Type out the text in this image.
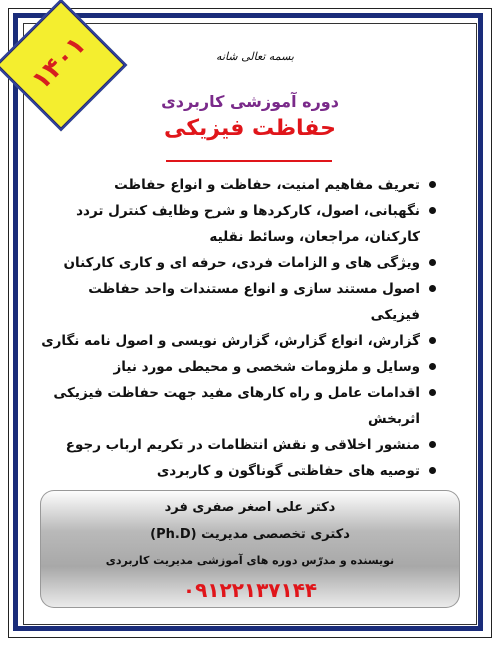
۱۴۰۱	بسمه تعالی شانه
دوره آموزشی کاربردی
حفاظت فیزیکی
تعریف مفاهیم امنیت، حفاظت و انواع حفاظت
نگهبانی، اصول، کارکردها و شرح وظایف کنترل تردد کارکنان، مراجعان، وسائط نقلیه
ویژگی های و الزامات فردی، حرفه ای و کاری کارکنان
اصول مستند سازی و انواع مستندات واحد حفاظت فیزیکی
گزارش، انواع گزارش، گزارش نویسی و اصول نامه نگاری
وسایل و ملزومات شخصی و محیطی مورد نیاز
اقدامات عامل و راه کارهای مفید جهت حفاظت فیزیکی اثربخش
منشور اخلاقی و نقش انتظامات در تکریم ارباب رجوع
توصیه های حفاظتی گوناگون و کاربردی
دکتر علی اصغر صفری فرد
دکتری تخصصی مدیریت (Ph.D)
نویسنده و مدرّس دوره های آموزشی مدیریت کاربردی
۰۹۱۲۲۱۳۷۱۴۴
